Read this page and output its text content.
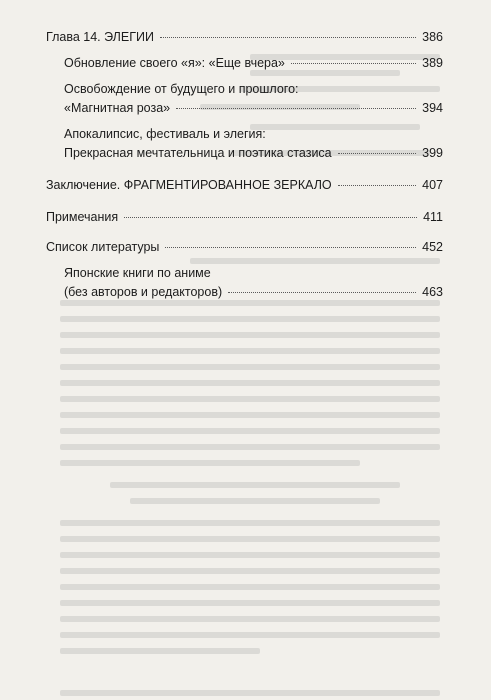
Глава 14. ЭЛЕГИИ	386
Обновление своего «я»: «Еще вчера»	389
Освобождение от будущего и прошлого:
«Магнитная роза»	394
Апокалипсис, фестиваль и элегия:
Прекрасная мечтательница и поэтика стазиса	399
Заключение. ФРАГМЕНТИРОВАННОЕ ЗЕРКАЛО	407
Примечания	411
Список литературы	452
Японские книги по аниме
(без авторов и редакторов)	463
